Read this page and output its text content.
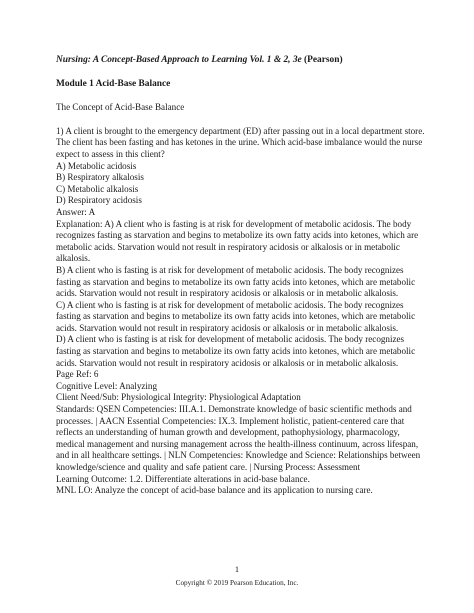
Nursing: A Concept-Based Approach to Learning Vol. 1 & 2, 3e (Pearson)

Module 1 Acid-Base Balance

The Concept of Acid-Base Balance

1) A client is brought to the emergency department (ED) after passing out in a local department store. The client has been fasting and has ketones in the urine. Which acid-base imbalance would the nurse expect to assess in this client?

A) Metabolic acidosis

B) Respiratory alkalosis

C) Metabolic alkalosis

D) Respiratory acidosis

Answer: A

Explanation: A) A client who is fasting is at risk for development of metabolic acidosis. The body recognizes fasting as starvation and begins to metabolize its own fatty acids into ketones, which are metabolic acids. Starvation would not result in respiratory acidosis or alkalosis or in metabolic alkalosis.

B) A client who is fasting is at risk for development of metabolic acidosis. The body recognizes fasting as starvation and begins to metabolize its own fatty acids into ketones, which are metabolic acids. Starvation would not result in respiratory acidosis or alkalosis or in metabolic alkalosis.

C) A client who is fasting is at risk for development of metabolic acidosis. The body recognizes fasting as starvation and begins to metabolize its own fatty acids into ketones, which are metabolic acids. Starvation would not result in respiratory acidosis or alkalosis or in metabolic alkalosis.

D) A client who is fasting is at risk for development of metabolic acidosis. The body recognizes fasting as starvation and begins to metabolize its own fatty acids into ketones, which are metabolic acids. Starvation would not result in respiratory acidosis or alkalosis or in metabolic alkalosis.

Page Ref: 6

Cognitive Level: Analyzing

Client Need/Sub: Physiological Integrity: Physiological Adaptation

Standards: QSEN Competencies: III.A.1. Demonstrate knowledge of basic scientific methods and processes. | AACN Essential Competencies: IX.3. Implement holistic, patient-centered care that reflects an understanding of human growth and development, pathophysiology, pharmacology, medical management and nursing management across the health-illness continuum, across lifespan, and in all healthcare settings. | NLN Competencies: Knowledge and Science: Relationships between knowledge/science and quality and safe patient care. | Nursing Process: Assessment

Learning Outcome: 1.2. Differentiate alterations in acid-base balance.

MNL LO: Analyze the concept of acid-base balance and its application to nursing care.

1
Copyright © 2019 Pearson Education, Inc.
